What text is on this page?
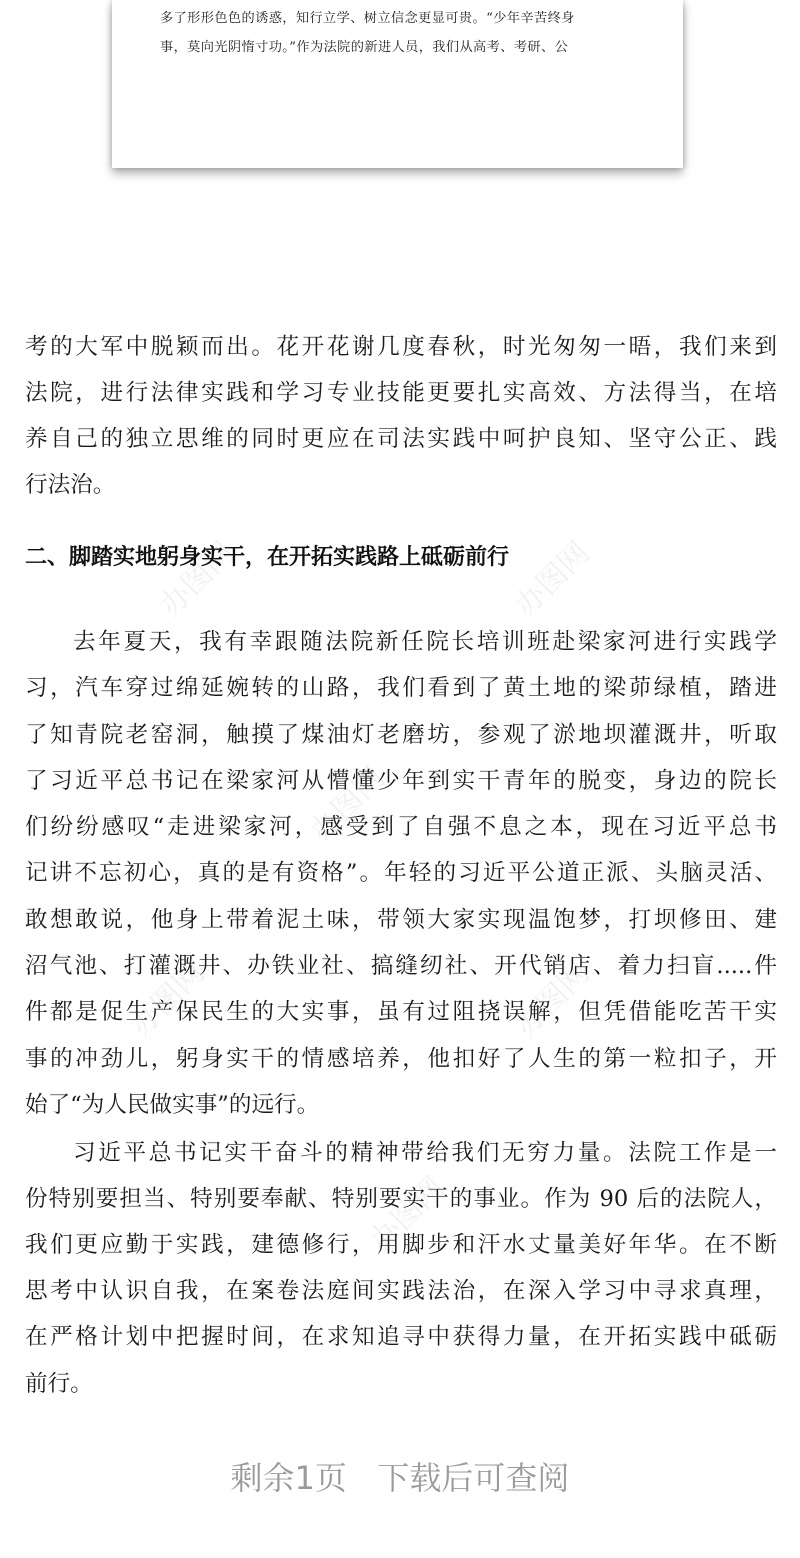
多了形形色色的诱惑，知行立学、树立信念更显可贵。“少年辛苦终身
事，莫向光阴惰寸功。”作为法院的新进人员，我们从高考、考研、公
办图网	办图网
办图网
办图网	办图网
办图网
考的大军中脱颖而出。花开花谢几度春秋，时光匆匆一晤，我们来到
法院，进行法律实践和学习专业技能更要扎实高效、方法得当，在培
养自己的独立思维的同时更应在司法实践中呵护良知、坚守公正、践
行法治。
二、脚踏实地躬身实干，在开拓实践路上砥砺前行
去年夏天，我有幸跟随法院新任院长培训班赴梁家河进行实践学
习，汽车穿过绵延婉转的山路，我们看到了黄土地的梁茆绿植，踏进
了知青院老窑洞，触摸了煤油灯老磨坊，参观了淤地坝灌溉井，听取
了习近平总书记在梁家河从懵懂少年到实干青年的脱变，身边的院长
们纷纷感叹“走进梁家河，感受到了自强不息之本，现在习近平总书
记讲不忘初心，真的是有资格”。年轻的习近平公道正派、头脑灵活、
敢想敢说，他身上带着泥土味，带领大家实现温饱梦，打坝修田、建
沼气池、打灌溉井、办铁业社、搞缝纫社、开代销店、着力扫盲.....件
件都是促生产保民生的大实事，虽有过阻挠误解，但凭借能吃苦干实
事的冲劲儿，躬身实干的情感培养，他扣好了人生的第一粒扣子，开
始了“为人民做实事”的远行。
习近平总书记实干奋斗的精神带给我们无穷力量。法院工作是一
份特别要担当、特别要奉献、特别要实干的事业。作为 90 后的法院人，
我们更应勤于实践，建德修行，用脚步和汗水丈量美好年华。在不断
思考中认识自我，在案卷法庭间实践法治，在深入学习中寻求真理，
在严格计划中把握时间，在求知追寻中获得力量，在开拓实践中砥砺
前行。
剩余1页   下载后可查阅
